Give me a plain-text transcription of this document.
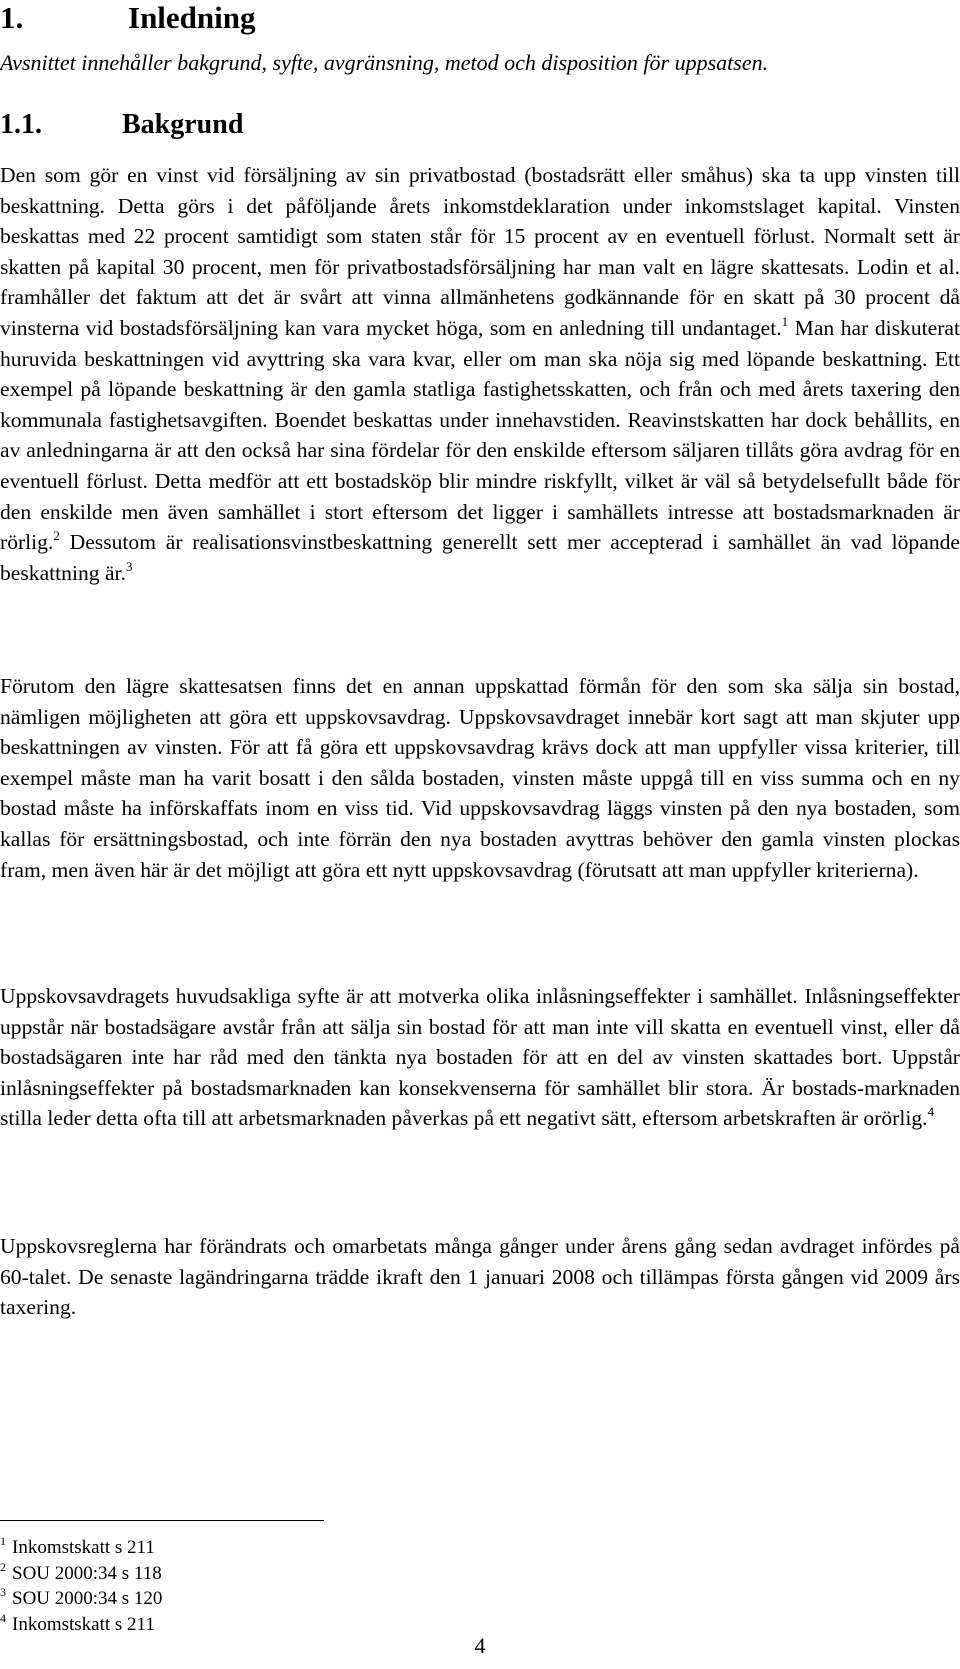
1.	Inledning

Avsnittet innehåller bakgrund, syfte, avgränsning, metod och disposition för uppsatsen.

1.1.	Bakgrund

Den som gör en vinst vid försäljning av sin privatbostad (bostadsrätt eller småhus) ska ta upp vinsten till beskattning. Detta görs i det påföljande årets inkomstdeklaration under inkomstslaget kapital. Vinsten beskattas med 22 procent samtidigt som staten står för 15 procent av en eventuell förlust. Normalt sett är skatten på kapital 30 procent, men för privatbostadsförsäljning har man valt en lägre skattesats. Lodin et al. framhåller det faktum att det är svårt att vinna allmänhetens godkännande för en skatt på 30 procent då vinsterna vid bostadsförsäljning kan vara mycket höga, som en anledning till undantaget.$^1$ Man har diskuterat huruvida beskattningen vid avyttring ska vara kvar, eller om man ska nöja sig med löpande beskattning. Ett exempel på löpande beskattning är den gamla statliga fastighetsskatten, och från och med årets taxering den kommunala fastighetsavgiften. Boendet beskattas under innehavstiden. Reavinstskatten har dock behållits, en av anledningarna är att den också har sina fördelar för den enskilde eftersom säljaren tillåts göra avdrag för en eventuell förlust. Detta medför att ett bostadsköp blir mindre riskfyllt, vilket är väl så betydelsefullt både för den enskilde men även samhället i stort eftersom det ligger i samhällets intresse att bostadsmarknaden är rörlig.$^2$ Dessutom är realisationsvinstbeskattning generellt sett mer accepterad i samhället än vad löpande beskattning är.$^3$

Förutom den lägre skattesatsen finns det en annan uppskattad förmån för den som ska sälja sin bostad, nämligen möjligheten att göra ett uppskovsavdrag. Uppskovsavdraget innebär kort sagt att man skjuter upp beskattningen av vinsten. För att få göra ett uppskovsavdrag krävs dock att man uppfyller vissa kriterier, till exempel måste man ha varit bosatt i den sålda bostaden, vinsten måste uppgå till en viss summa och en ny bostad måste ha införskaffats inom en viss tid. Vid uppskovsavdrag läggs vinsten på den nya bostaden, som kallas för ersättningsbostad, och inte förrän den nya bostaden avyttras behöver den gamla vinsten plockas fram, men även här är det möjligt att göra ett nytt uppskovsavdrag (förutsatt att man uppfyller kriterierna).

Uppskovsavdragets huvudsakliga syfte är att motverka olika inlåsningseffekter i samhället. Inlåsningseffekter uppstår när bostadsägare avstår från att sälja sin bostad för att man inte vill skatta en eventuell vinst, eller då bostadsägaren inte har råd med den tänkta nya bostaden för att en del av vinsten skattades bort. Uppstår inlåsningseffekter på bostadsmarknaden kan konsekvenserna för samhället blir stora. Är bostads-marknaden stilla leder detta ofta till att arbetsmarknaden påverkas på ett negativt sätt, eftersom arbetskraften är orörlig.$^4$

Uppskovsreglerna har förändrats och omarbetats många gånger under årens gång sedan avdraget infördes på 60-talet. De senaste lagändringarna trädde ikraft den 1 januari 2008 och tillämpas första gången vid 2009 års taxering.

$^1$ Inkomstskatt s 211
$^2$ SOU 2000:34 s 118
$^3$ SOU 2000:34 s 120
$^4$ Inkomstskatt s 211
4
